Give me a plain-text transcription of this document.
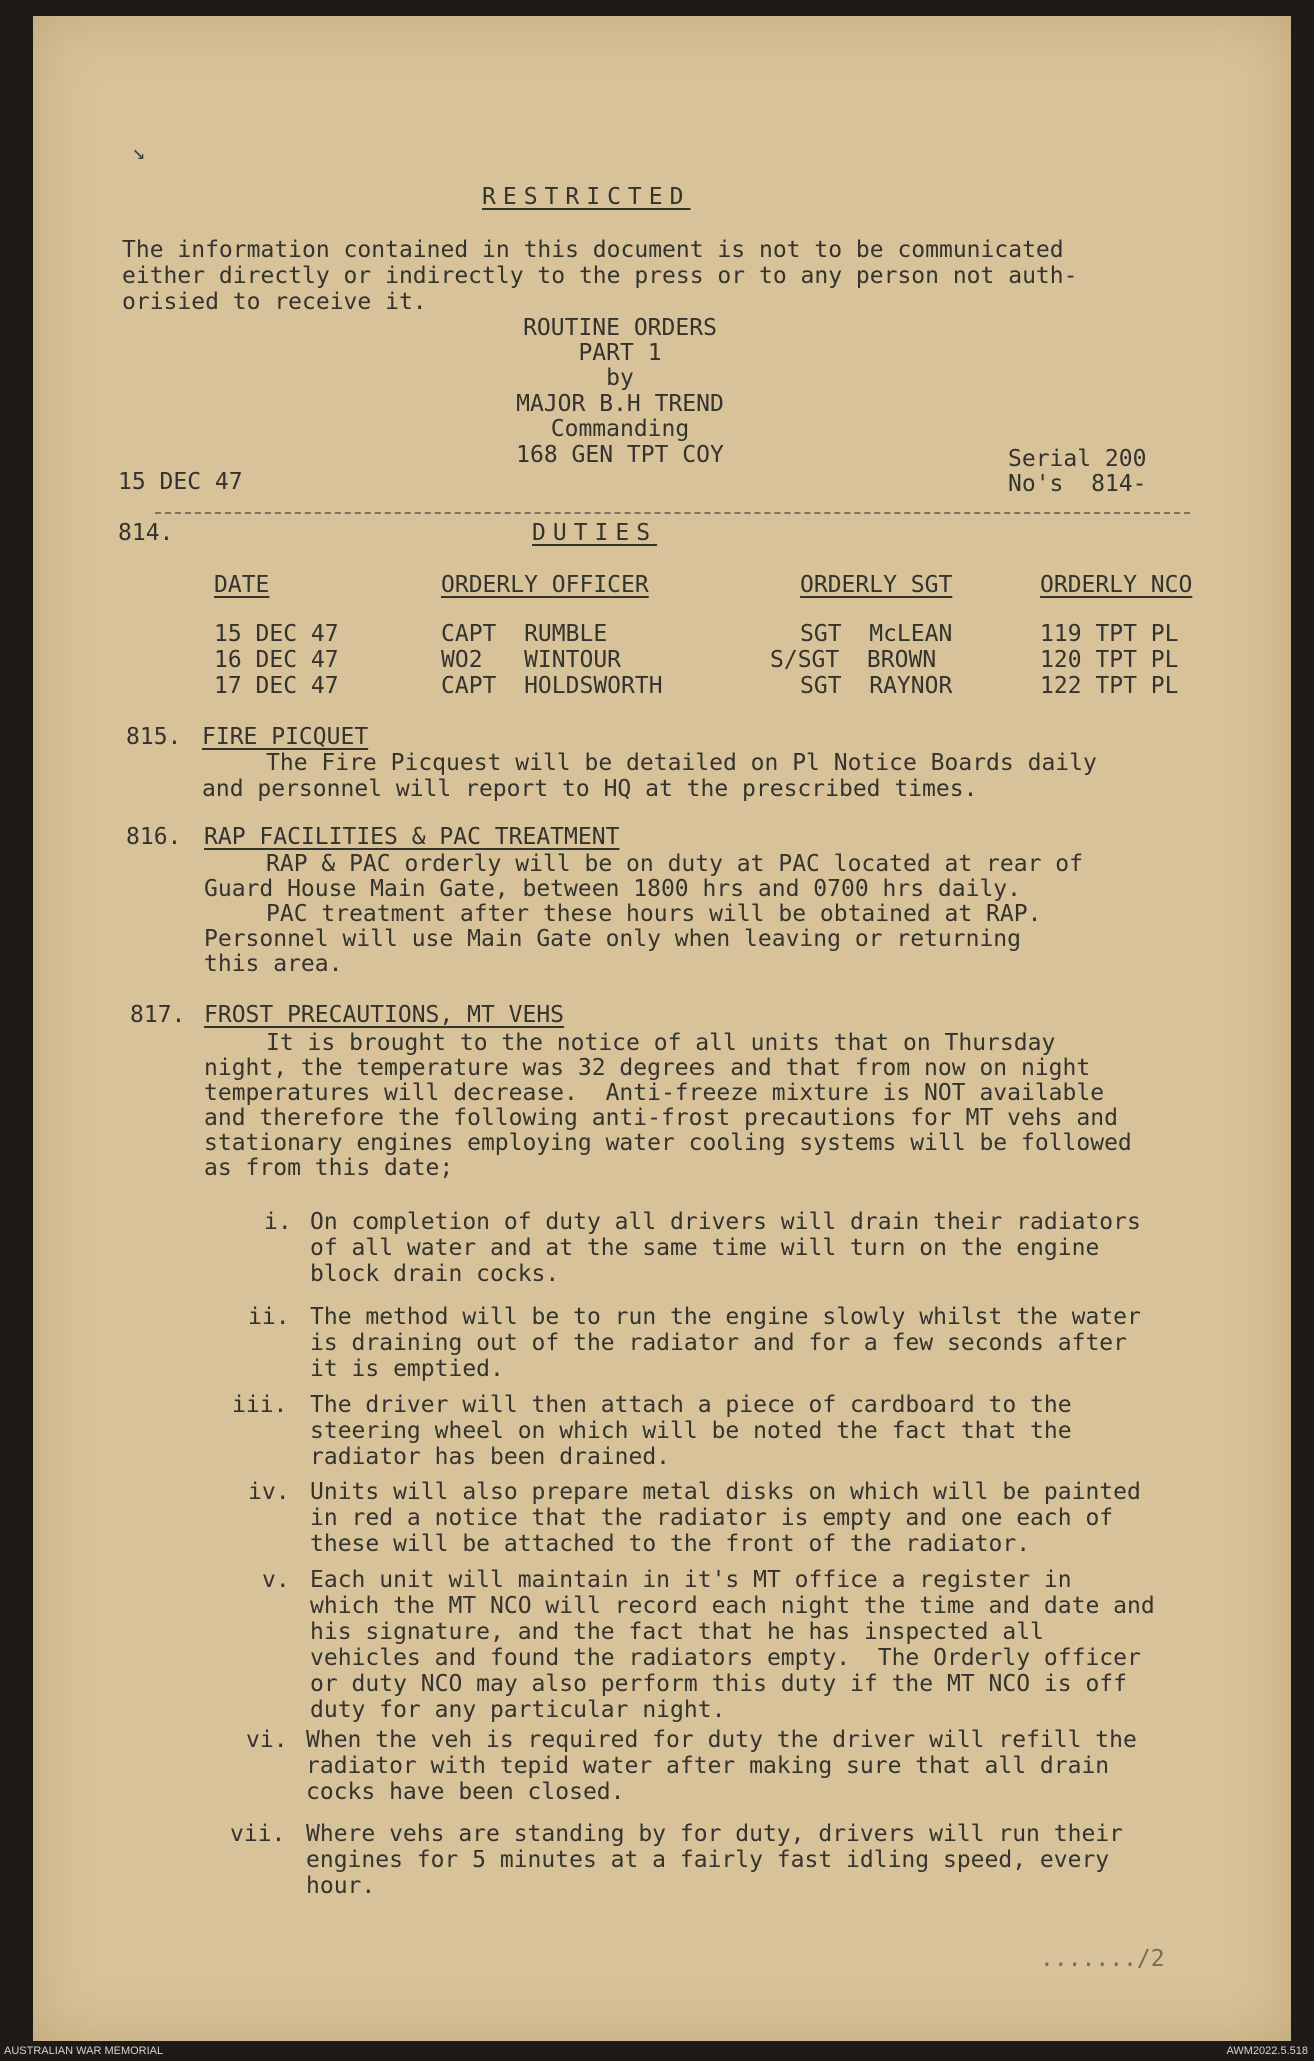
RESTRICTED
The information contained in this document is not to be communicated
either directly or indirectly to the press or to any person not auth-
orisied to receive it.
ROUTINE ORDERS
PART 1
by
MAJOR B.H TREND
Commanding
168 GEN TPT COY
15 DEC 47
Serial 200
No's  814-
814.	DUTIES
DATE	ORDERLY OFFICER	ORDERLY SGT	ORDERLY NCO
15 DEC 47	CAPT  RUMBLE	SGT  McLEAN	119 TPT PL
16 DEC 47	WO2   WINTOUR	S/SGT  BROWN	120 TPT PL
17 DEC 47	CAPT  HOLDSWORTH	SGT  RAYNOR	122 TPT PL
815. FIRE PICQUET
The Fire Picquest will be detailed on Pl Notice Boards daily
and personnel will report to HQ at the prescribed times.
816. RAP FACILITIES & PAC TREATMENT
RAP & PAC orderly will be on duty at PAC located at rear of
Guard House Main Gate, between 1800 hrs and 0700 hrs daily.
PAC treatment after these hours will be obtained at RAP.
Personnel will use Main Gate only when leaving or returning
this area.
817. FROST PRECAUTIONS, MT VEHS
It is brought to the notice of all units that on Thursday
night, the temperature was 32 degrees and that from now on night
temperatures will decrease.  Anti-freeze mixture is NOT available
and therefore the following anti-frost precautions for MT vehs and
stationary engines employing water cooling systems will be followed
as from this date;
i. On completion of duty all drivers will drain their radiators
of all water and at the same time will turn on the engine
block drain cocks.
ii. The method will be to run the engine slowly whilst the water
is draining out of the radiator and for a few seconds after
it is emptied.
iii. The driver will then attach a piece of cardboard to the
steering wheel on which will be noted the fact that the
radiator has been drained.
iv. Units will also prepare metal disks on which will be painted
in red a notice that the radiator is empty and one each of
these will be attached to the front of the radiator.
v. Each unit will maintain in it's MT office a register in
which the MT NCO will record each night the time and date and
his signature, and the fact that he has inspected all
vehicles and found the radiators empty.  The Orderly officer
or duty NCO may also perform this duty if the MT NCO is off
duty for any particular night.
vi. When the veh is required for duty the driver will refill the
radiator with tepid water after making sure that all drain
cocks have been closed.
vii. Where vehs are standing by for duty, drivers will run their
engines for 5 minutes at a fairly fast idling speed, every
hour.
......./2
↘
AUSTRALIAN WAR MEMORIAL	AWM2022.5.518
